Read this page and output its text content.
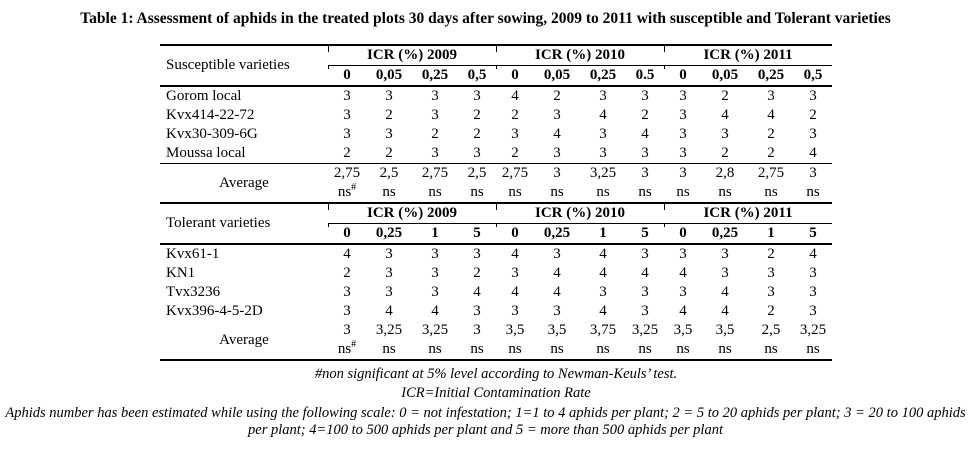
Table 1: Assessment of aphids in the treated plots 30 days after sowing, 2009 to 2011 with susceptible and Tolerant varieties
Susceptible varieties	ICR (%) 2009				ICR (%) 2010				ICR (%) 2011			
	0	0,05	0,25	0,5	0	0,05	0,25	0.5	0	0,05	0,25	0,5
Gorom local	3	3	3	3	4	2	3	3	3	2	3	3
Kvx414-22-72	3	2	3	2	2	3	4	2	3	4	4	2
Kvx30-309-6G	3	3	2	2	3	4	3	4	3	3	2	3
Moussa local	2	2	3	3	2	3	3	3	3	2	2	4
Average	2,75	2,5	2,75	2,5	2,75	3	3,25	3	3	2,8	2,75	3
	ns#	ns	ns	ns	ns	ns	ns	ns	ns	ns	ns	ns
Tolerant varieties	ICR (%) 2009				ICR (%) 2010				ICR (%) 2011			
	0	0,25	1	5	0	0,25	1	5	0	0,25	1	5
Kvx61-1	4	3	3	3	4	3	4	3	3	3	2	4
KN1	2	3	3	2	3	4	4	4	4	3	3	3
Tvx3236	3	3	3	4	4	4	3	3	3	4	3	3
Kvx396-4-5-2D	3	4	4	3	3	3	4	3	4	4	2	3
Average	3	3,25	3,25	3	3,5	3,5	3,75	3,25	3,5	3,5	2,5	3,25
	ns#	ns	ns	ns	ns	ns	ns	ns	ns	ns	ns	ns
#non significant at 5% level according to Newman-Keuls’ test.
ICR=Initial Contamination Rate
Aphids number has been estimated while using the following scale: 0 = not infestation; 1=1 to 4 aphids per plant; 2 = 5 to 20 aphids per plant; 3 = 20 to 100 aphids per plant; 4=100 to 500 aphids per plant and 5 = more than 500 aphids per plant
